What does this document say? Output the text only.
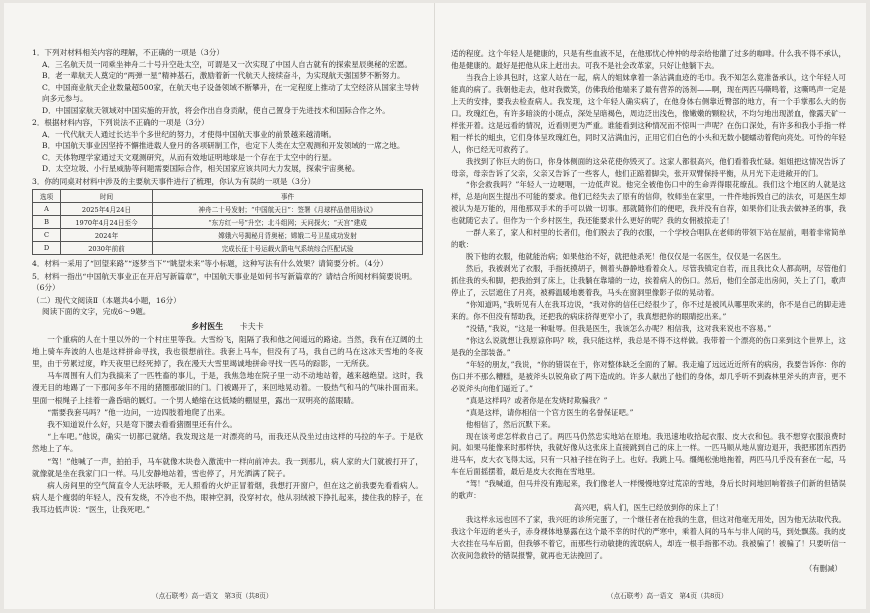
1．下列对材料相关内容的理解，不正确的一项是（3分）
A．三名航天员一同乘坐神舟二十号升空赴太空，可谓是又一次实现了中国人自古就有的探索星辰奥秘的宏愿。
B．老一辈航天人奠定的“两弹一星”精神基石，激励着新一代航天人接续奋斗，为实现航天强国梦不断努力。
C．中国商业航天企业数量超500家，在航天电子设备领域不断攀升，在一定程度上推动了太空经济从国家主导转向多元参与。
D．中国国家航天领域对中国实施的开放，将会作出自身贡献，使自己置身于先进技术和国际合作之外。
2．根据材料内容，下列说法不正确的一项是（3分）
A．一代代航天人通过长达半个多世纪的努力，才使得中国航天事业的前景越来越清晰。
B．中国航天事业因坚持不懈推进载人登月的各项研制工作，也定下人类在太空观测和开发领域的一席之地。
C．天体物理学家通过天文观测研究，从而有效地证明地球是一个存在于太空中的行星。
D．太空垃圾、小行星威胁等问题需要国际合作，相关国家应该共同大力发展，探索宇宙奥秘。
3．你的同桌对材料中涉及的主要航天事件进行了梳理，你认为有误的一项是（3分）
选项	时间	事件
A	2025年4月24日	神舟二十号发射；“中国航天日”：签署《月球样品借用协议》
B	1970年4月24日至今	“东方红一号”升空；北斗组网；天问探火；“天宫”建成
C	2024年	嫦娥六号揭秘月背奥秘；嫦娥二号卫星成功发射
D	2030年前前	完成长征十号运载火箭电气系统综合匹配试验
4．材料一采用了“回望来路”“逐梦当下”“眺望未来”等小标题，这种写法有什么效果？请简要分析。（4分）
5．材料一指出“中国航天事业正在开启写新篇章”，中国航天事业是如何书写新篇章的？请结合所阅材料简要说明。（6分）
（二）现代文阅读Ⅱ（本题共4小题，16分）
阅读下面的文字，完成6～9题。
乡村医生 卡夫卡

一个重病的人在十里以外的一个村庄里等我。大雪纷飞，阻隔了我和他之间遥远的路途。当然，我有在辽阔的土地上骑车奔波的人也是这样拼命寻找，我也很想前往。我套上马车，但没有了马，我自己的马在这冰天雪地的冬夜里，由于劳累过度，昨天夜里已经死掉了，我在漫天大雪里竭诚地拼命寻找一匹马的踪影，一无所获。

马车周围有人们为我搞来了一匹牲畜的事儿，于是，我焦急地在院子里一动不动地站着，越来越绝望。这时，我漫无目的地踢了一下那间多年不用的猪圈那破旧的门。门被踢开了，来回地晃动着。一股热气和马的气味扑面而来。里面一根绳子上挂着一盏昏暗的厩灯。一个男人蜷缩在这低矮的棚屋里，露出一双明亮的蓝眼睛。

“需要我套马吗？”他一边问，一边四肢着地爬了出来。

我不知道说什么好，只是弯下腰去看看猪圈里还有什么。

“上车吧。”他说，确实一切都已就绪。我发现这是一对漂亮的马，而我还从没坐过由这样的马拉的车子。于是欣然地上了车。

“驾！”他喊了一声，拍拍手，马车就像木块卷入激流中一样向前冲去。我一到那儿，病人家的大门就被打开了，就像就是坐在我家门口一样。马儿安静地站着，雪也停了，月光洒满了院子。

病人房间里的空气简直令人无法呼吸，无人照看的火炉正冒着烟，我想打开窗户，但在这之前我要先看看病人。病人是个瘦弱的年轻人，没有发烧，不冷也不热，眼神空洞，没穿衬衣，他从羽绒被下挣扎起来，搂住我的脖子，在我耳边低声说：“医生，让我死吧。”

（点石联考）高一语文　第3页（共8页）

适的程度。这个年轻人是健康的，只是有些血液不足，在他那忧心忡忡的母亲给他灌了过多的咖啡。什么我不得不承认，他是健康的。最好是把他从床上赶出去。可我不是社会改革家，只好让他躺下去。

当我合上诊具包时，这家人站在一起，病人的姐妹拿着一条沾满血迹的毛巾。我不知怎么竟准备承认，这个年轻人可能真的病了。我朝他走去，他对我微笑，仿佛我给他端来了最有营养的汤剂——啊，现在两匹马嘶鸣着，这嘶鸣声一定是上天的安排，要我去检查病人。我发现，这个年轻人确实病了，在他身体右侧靠近臀部的地方，有一个手掌那么大的伤口。玫瑰红色，有许多暗淡的小斑点，深处呈暗褐色，周边泛出浅色，像嫩嫩的颗粒状，不均匀地出现淤血，像露天矿一样张开着。这是远看的情况，近看则更为严重。谁能看到这种情况而不惊叫一声呢？在伤口深处，有许多和我小手指一样粗一样长的蛆虫，它们身体呈玫瑰红色，同时又沾满血污，正用它们白色的小头和无数小腿蠕动着爬向亮处。可怜的年轻人，你已经无可救药了。

我找到了你巨大的伤口，你身体侧面的这朵花使你毁灭了。这家人都很高兴，他们看着我忙碌。姐姐把这情况告诉了母亲，母亲告诉了父亲，父亲又告诉了一些客人，他们正踮着脚尖，张开双臂保持平衡，从月光下走进敞开的门。

“你会救我吗？”年轻人一边哽咽，一边低声说。他完全被他伤口中的生命弄得眼花缭乱。我们这个地区的人就是这样，总是向医生提出不可能的要求。他们已经失去了原有的信仰，牧师坐在家里，一件件地拆毁自己的法衣，可是医生却被认为是万能的，用他那双手术的手可以做一切事。那就随你们的便吧，我并没有自荐，如果你们让我去做神圣的事，我也就随它去了。但作为一个乡村医生，我还能要求什么更好的呢？我的女佣被掠走了！

一群人来了，家人和村里的长者们，他们脱去了我的衣服，一个学校合唱队在老师的带领下站在屋前，唱着非常简单的歌：

脱下他的衣服，他就能治病；如果他治不好，就把他杀死！他仅仅是一名医生，仅仅是一名医生。

然后，我被剥光了衣服，手指抚摸胡子，侧着头静静地看着众人。尽管我镇定自若，而且我比众人都高明，尽管他们抓住我的头和脚，把我抬到了床上，让我躺在靠墙的一边，挨着病人的伤口。然后，他们全部走出房间，关上了门，歌声停止了，云层遮住了月亮，被褥温暖地裹着我，马头在窗洞里像影子似的晃动着。

“你知道吗，”我听见有人在我耳边说，“我对你的信任已经很少了，你不过是被风从哪里吹来的，你不是自己的脚走进来的。你不但没有帮助我，还把我的病床挤得更窄小了，我真想把你的眼睛挖出来。”

“没错，”我说，“这是一种耻辱。但我是医生，我该怎么办呢？相信我，这对我来说也不容易。”

“你这么说就想让我原谅你吗？唉，我只能这样，我总是不得不这样做。我带着一个漂亮的伤口来到这个世界上，这是我的全部装备。”

“年轻的朋友，”我说，“你的错误在于，你对整体缺乏全面的了解。我走遍了远远近近所有的病房，我要告诉你：你的伤口并不那么糟糕，是被斧头以锐角砍了两下造成的。许多人献出了他们的身体，却几乎听不到森林里斧头的声音，更不必说斧头向他们逼近了。”

“真是这样吗？或者你是在发烧时欺骗我？”

“真是这样，请你相信一个官方医生的名誉保证吧。”

他相信了，然后沉默下来。

现在该考虑怎样救自己了。两匹马仍然忠实地站在原地。我迅速地收拾起衣服、皮大衣和包。我不想穿衣服浪费时间。如果马能像来时那样快，我就好像从这张床上直接跳到自己的床上一样。一匹马顺从地从窗边退开，我把那团东西扔进马车，皮大衣飞得太远，只有一只袖子挂在钩子上。也好。我跳上马。缰绳松弛地拖着，两匹马几乎没有套在一起，马车在后面摇摆着，最后是皮大衣拖在雪地里。

“驾！”我喊道，但马并没有跑起来，我们像老人一样慢慢地穿过荒凉的雪地，身后长时间地回响着孩子们新的但错误的歌声：

高兴吧，病人们，医生已经放到你的床上了！

我这样永远也回不了家，我兴旺的诊所完蛋了，一个继任者在抢我的生意，但这对他毫无用处，因为他无法取代我。我这个年迈的老头子，赤身裸体地暴露在这个最不幸的时代的严寒中，乘着人间的马车与非人间的马，到处飘荡。我的皮大衣挂在马车后面，但我够不着它，而那些行动敏捷的流氓病人，却连一根手指都不动。我被骗了！被骗了！只要听信一次夜间急救铃的错误报警，就再也无法挽回了。

（有删减）
（点石联考）高一语文　第4页（共8页）
